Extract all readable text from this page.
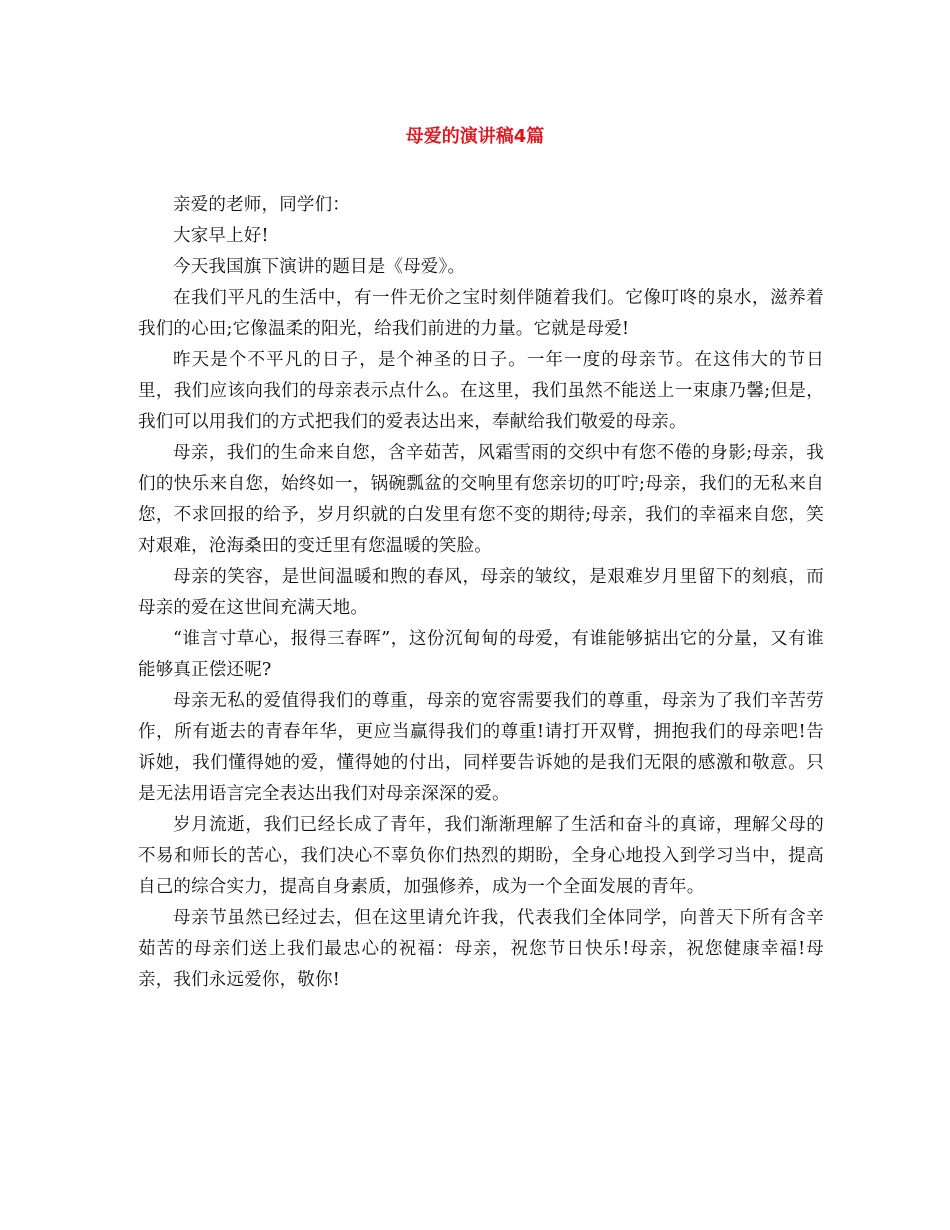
母爱的演讲稿4篇

亲爱的老师，同学们：

大家早上好!

今天我国旗下演讲的题目是《母爱》。

在我们平凡的生活中，有一件无价之宝时刻伴随着我们。它像叮咚的泉水，滋养着我们的心田;它像温柔的阳光，给我们前进的力量。它就是母爱!

昨天是个不平凡的日子，是个神圣的日子。一年一度的母亲节。在这伟大的节日里，我们应该向我们的母亲表示点什么。在这里，我们虽然不能送上一束康乃馨;但是，我们可以用我们的方式把我们的爱表达出来，奉献给我们敬爱的母亲。

母亲，我们的生命来自您，含辛茹苦，风霜雪雨的交织中有您不倦的身影;母亲，我们的快乐来自您，始终如一，锅碗瓢盆的交响里有您亲切的叮咛;母亲，我们的无私来自您，不求回报的给予，岁月织就的白发里有您不变的期待;母亲，我们的幸福来自您，笑对艰难，沧海桑田的变迁里有您温暖的笑脸。

母亲的笑容，是世间温暖和煦的春风，母亲的皱纹，是艰难岁月里留下的刻痕，而母亲的爱在这世间充满天地。

“谁言寸草心，报得三春晖”，这份沉甸甸的母爱，有谁能够掂出它的分量，又有谁能够真正偿还呢?

母亲无私的爱值得我们的尊重，母亲的宽容需要我们的尊重，母亲为了我们辛苦劳作，所有逝去的青春年华，更应当赢得我们的尊重!请打开双臂，拥抱我们的母亲吧!告诉她，我们懂得她的爱，懂得她的付出，同样要告诉她的是我们无限的感激和敬意。只是无法用语言完全表达出我们对母亲深深的爱。

岁月流逝，我们已经长成了青年，我们渐渐理解了生活和奋斗的真谛，理解父母的不易和师长的苦心，我们决心不辜负你们热烈的期盼，全身心地投入到学习当中，提高自己的综合实力，提高自身素质，加强修养，成为一个全面发展的青年。

母亲节虽然已经过去，但在这里请允许我，代表我们全体同学，向普天下所有含辛茹苦的母亲们送上我们最忠心的祝福：母亲，祝您节日快乐!母亲，祝您健康幸福!母亲，我们永远爱你，敬你!
